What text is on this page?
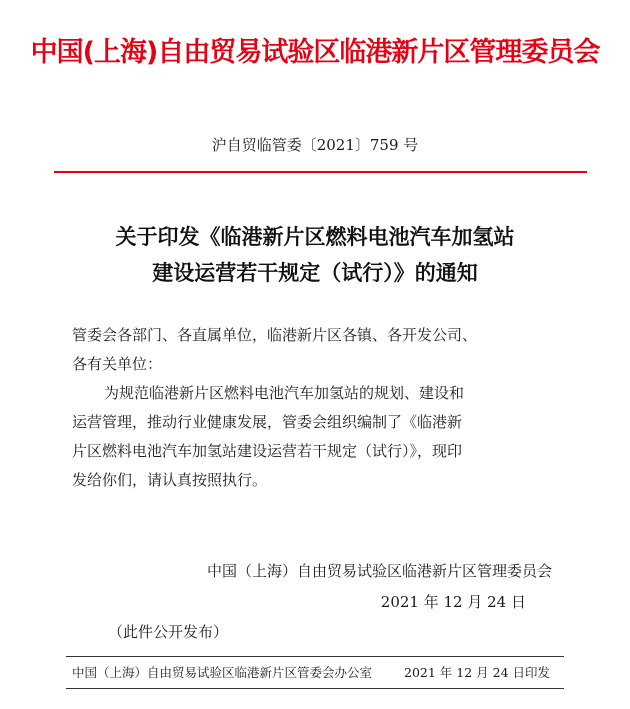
中国(上海)自由贸易试验区临港新片区管理委员会
沪自贸临管委〔2021〕759 号
关于印发《临港新片区燃料电池汽车加氢站
建设运营若干规定（试行）》的通知
管委会各部门、各直属单位，临港新片区各镇、各开发公司、
各有关单位：
为规范临港新片区燃料电池汽车加氢站的规划、建设和
运营管理，推动行业健康发展，管委会组织编制了《临港新
片区燃料电池汽车加氢站建设运营若干规定（试行）》，现印
发给你们，请认真按照执行。
中国（上海）自由贸易试验区临港新片区管理委员会
2021 年 12 月 24 日
（此件公开发布）
中国（上海）自由贸易试验区临港新片区管委会办公室	2021 年 12 月 24 日印发
